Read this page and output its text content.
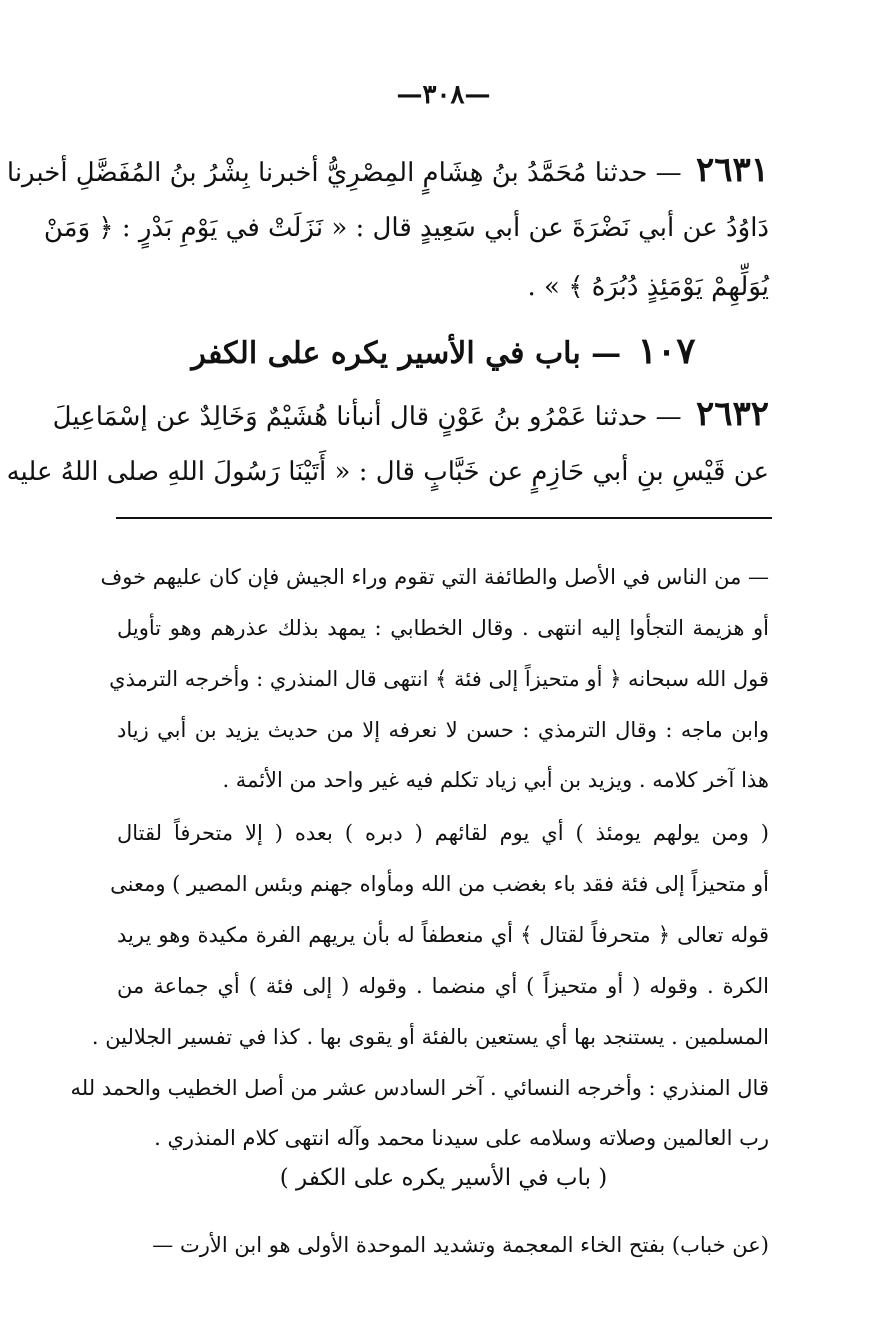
—٣٠٨—
٢٦٣١ — حدثنا مُحَمَّدُ بنُ هِشَامٍ المِصْرِيُّ أخبرنا بِشْرُ بنُ المُفَضَّلِ أخبرنا
دَاوُدُ عن أبي نَضْرَةَ عن أبي سَعِيدٍ قال : « نَزَلَتْ في يَوْمِ بَدْرٍ : ﴿ وَمَنْ
يُوَلِّهِمْ يَوْمَئِذٍ دُبُرَهُ ﴾ » .
١٠٧ — باب في الأسير يكره على الكفر
٢٦٣٢ — حدثنا عَمْرُو بنُ عَوْنٍ قال أنبأنا هُشَيْمٌ وَخَالِدٌ عن إسْمَاعِيلَ
عن قَيْسِ بنِ أبي حَازِمٍ عن خَبَّابٍ قال : « أَتَيْنَا رَسُولَ اللهِ صلى اللهُ عليه
— من الناس في الأصل والطائفة التي تقوم وراء الجيش فإن كان عليهم خوف
أو هزيمة التجأوا إليه انتهى . وقال الخطابي : يمهد بذلك عذرهم وهو تأويل
قول الله سبحانه ﴿ أو متحيزاً إلى فئة ﴾ انتهى قال المنذري : وأخرجه الترمذي
وابن ماجه : وقال الترمذي : حسن لا نعرفه إلا من حديث يزيد بن أبي زياد
هذا آخر كلامه . ويزيد بن أبي زياد تكلم فيه غير واحد من الأئمة .
( ومن يولهم يومئذ ) أي يوم لقائهم ( دبره ) بعده ( إلا متحرفاً لقتال
أو متحيزاً إلى فئة فقد باء بغضب من الله ومأواه جهنم وبئس المصير ) ومعنى
قوله تعالى ﴿ متحرفاً لقتال ﴾ أي منعطفاً له بأن يريهم الفرة مكيدة وهو يريد
الكرة . وقوله ( أو متحيزاً ) أي منضما . وقوله ( إلى فئة ) أي جماعة من
المسلمين . يستنجد بها أي يستعين بالفئة أو يقوى بها . كذا في تفسير الجلالين .
قال المنذري : وأخرجه النسائي . آخر السادس عشر من أصل الخطيب والحمد لله
رب العالمين وصلاته وسلامه على سيدنا محمد وآله انتهى كلام المنذري .
( باب في الأسير يكره على الكفر )
(عن خباب) بفتح الخاء المعجمة وتشديد الموحدة الأولى هو ابن الأرت —
